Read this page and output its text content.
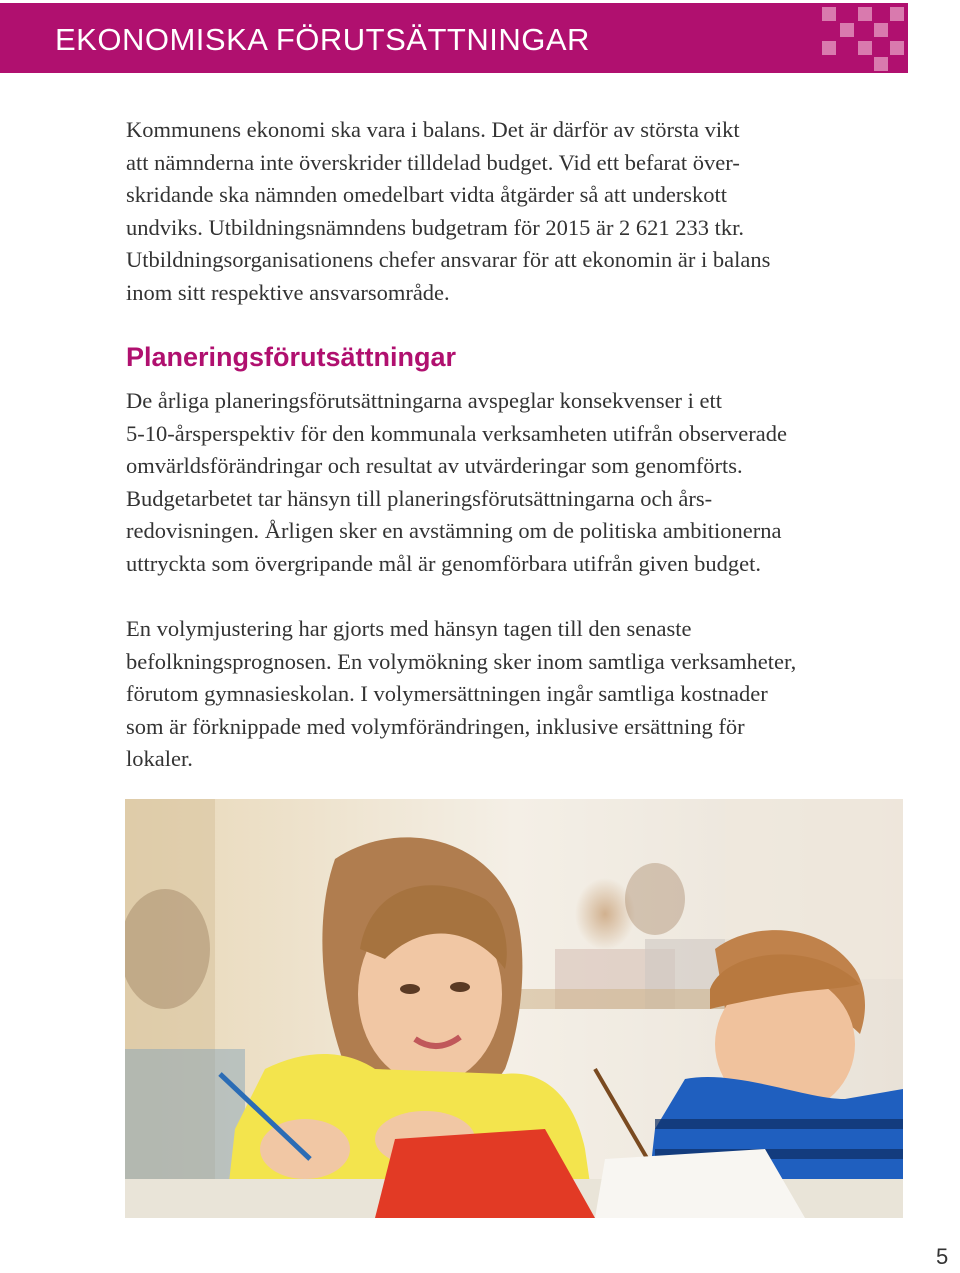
EKONOMISKA FÖRUTSÄTTNINGAR

Kommunens ekonomi ska vara i balans. Det är därför av största vikt
att nämnderna inte överskrider tilldelad budget. Vid ett befarat över-
skridande ska nämnden omedelbart vidta åtgärder så att underskott
undviks. Utbildningsnämndens budgetram för 2015 är 2 621 233 tkr.
Utbildningsorganisationens chefer ansvarar för att ekonomin är i balans
inom sitt respektive ansvarsområde.

Planeringsförutsättningar

De årliga planeringsförutsättningarna avspeglar konsekvenser i ett
5-10-årsperspektiv för den kommunala verksamheten utifrån observerade
omvärldsförändringar och resultat av utvärderingar som genomförts.
Budgetarbetet tar hänsyn till planeringsförutsättningarna och års-
redovisningen. Årligen sker en avstämning om de politiska ambitionerna
uttryckta som övergripande mål är genomförbara utifrån given budget.

En volymjustering har gjorts med hänsyn tagen till den senaste
befolkningsprognosen. En volymökning sker inom samtliga verksamheter,
förutom gymnasieskolan. I volymersättningen ingår samtliga kostnader
som är förknippade med volymförändringen, inklusive ersättning för
lokaler.

5
